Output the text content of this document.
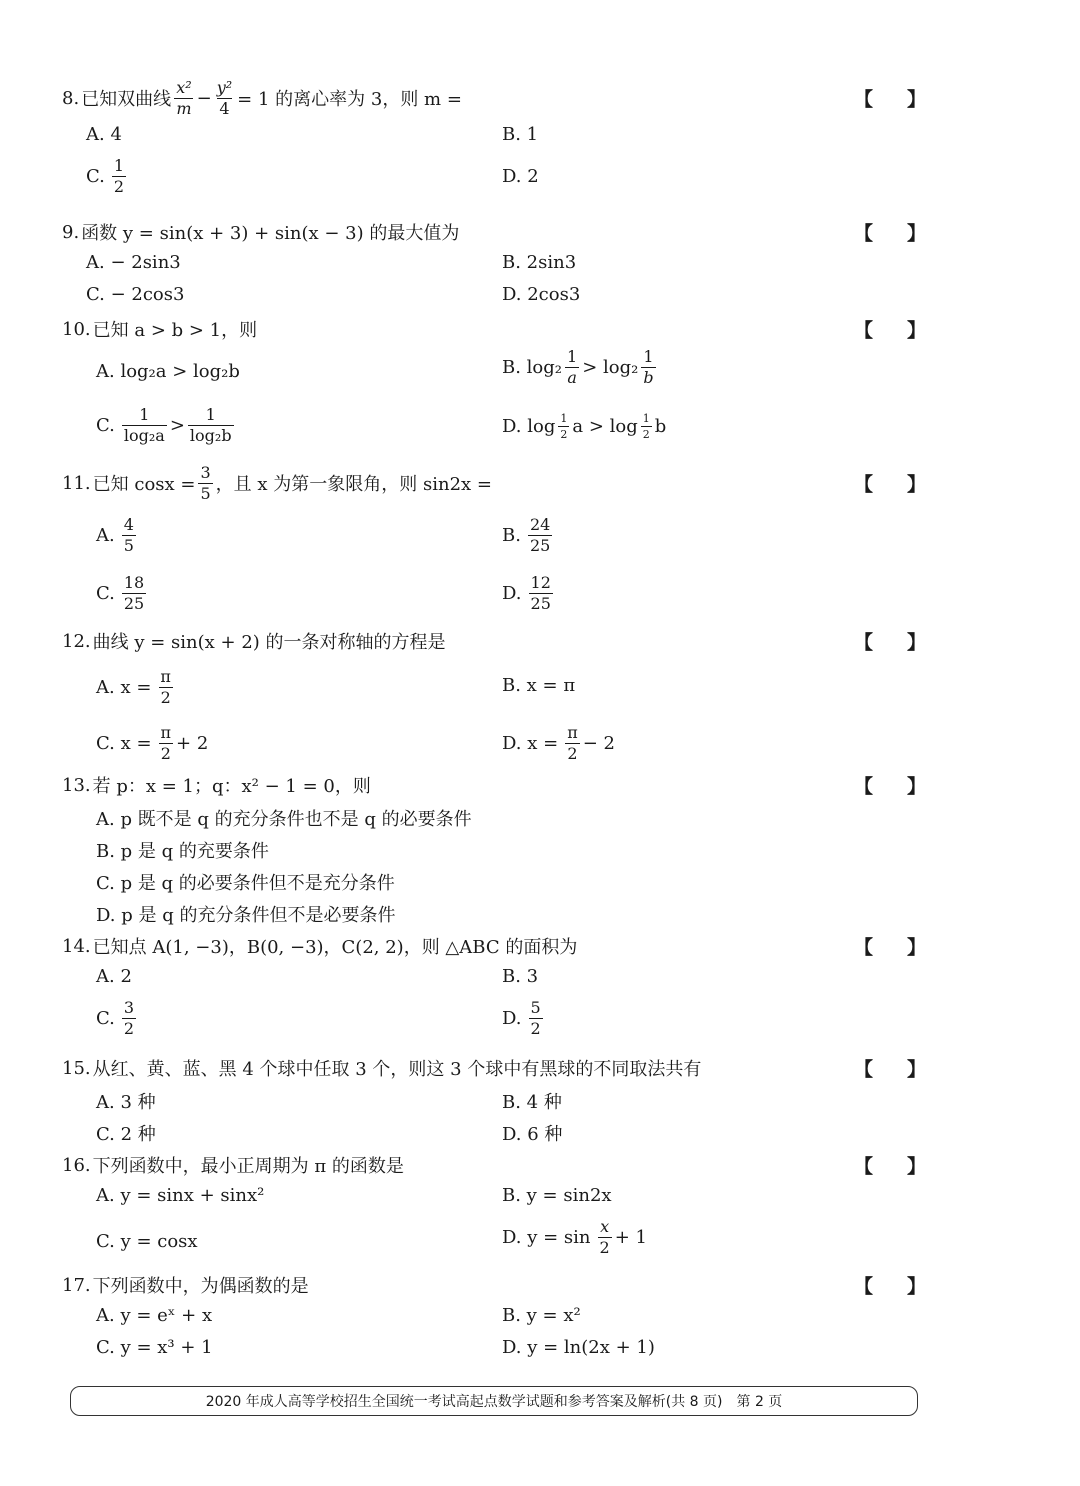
8. 已知双曲线 $\frac{\text{x²}}{m} - \frac{\text{y²}}{4} = 1$ 的离心率为 3，则 m =	【 】
A. 4	B. 1
C. $\frac{1}{2}$	D. 2
9. 函数 y = sin(x + 3) + sin(x − 3) 的最大值为	【 】
A. − 2sin3	B. 2sin3
C. − 2cos3	D. 2cos3
10. 已知 a > b > 1，则	【 】
A. log₂a > log₂b	B. $\log_2 \frac{1}{a} > \log_2 \frac{1}{b}$
C. $\frac{1}{\text{log₂a}} > \frac{1}{\text{log₂b}}$	D. $\log \frac{1}{2}$ $a > \log \frac{1}{2}$ b
11. 已知 $\cos x = \frac{3}{5}$ ，且 x 为第一象限角，则 sin2x =	【 】
A. $\frac{4}{5}$	B. $\frac{24}{25}$
C. $\frac{18}{25}$	D. $\frac{12}{25}$
12. 曲线 y = sin(x + 2) 的一条对称轴的方程是	【 】
A. $x = \frac{\pi}{2}$	B. x = π
C. $x = \frac{\pi}{2} + 2$	D. $x = \frac{\pi}{2} - 2$
13. 若 p：x = 1；q：x² − 1 = 0，则	【 】
A. p 既不是 q 的充分条件也不是 q 的必要条件
B. p 是 q 的充要条件
C. p 是 q 的必要条件但不是充分条件
D. p 是 q 的充分条件但不是必要条件
14. 已知点 A(1, −3)，B(0, −3)，C(2, 2)，则 △ABC 的面积为	【 】
A. 2	B. 3
C. $\frac{3}{2}$	D. $\frac{5}{2}$
15. 从红、黄、蓝、黑 4 个球中任取 3 个，则这 3 个球中有黑球的不同取法共有	【 】
A. 3 种	B. 4 种
C. 2 种	D. 6 种
16. 下列函数中，最小正周期为 π 的函数是	【 】
A. y = sinx + sinx²	B. y = sin2x
C. y = cosx	D. $y = \sin \frac{x}{2} + 1$
17. 下列函数中，为偶函数的是	【 】
A. y = eˣ + x	B. y = x²
C. y = x³ + 1	D. y = ln(2x + 1)
2020 年成人高等学校招生全国统一考试高起点数学试题和参考答案及解析(共 8 页)　第 2 页
